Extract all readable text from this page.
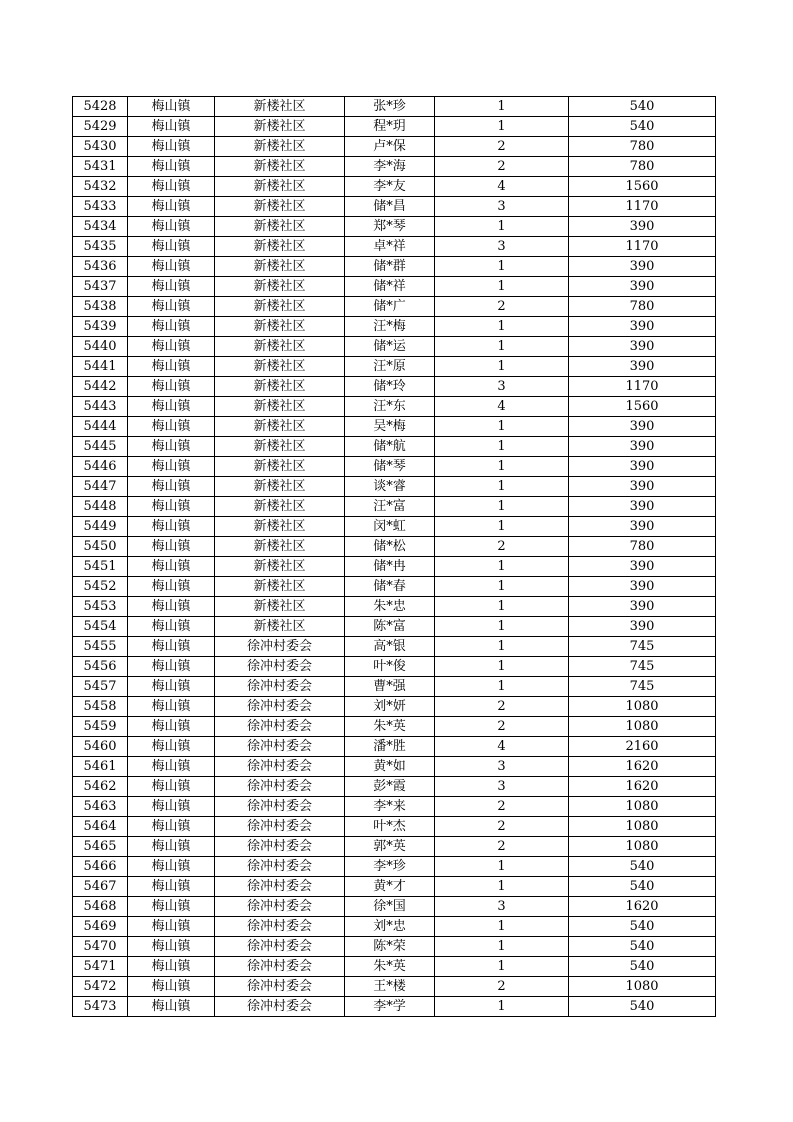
5428	梅山镇	新楼社区	张*珍	1	540
5429	梅山镇	新楼社区	程*玥	1	540
5430	梅山镇	新楼社区	卢*保	2	780
5431	梅山镇	新楼社区	李*海	2	780
5432	梅山镇	新楼社区	李*友	4	1560
5433	梅山镇	新楼社区	储*昌	3	1170
5434	梅山镇	新楼社区	郑*琴	1	390
5435	梅山镇	新楼社区	卓*祥	3	1170
5436	梅山镇	新楼社区	储*群	1	390
5437	梅山镇	新楼社区	储*祥	1	390
5438	梅山镇	新楼社区	储*广	2	780
5439	梅山镇	新楼社区	汪*梅	1	390
5440	梅山镇	新楼社区	储*运	1	390
5441	梅山镇	新楼社区	汪*原	1	390
5442	梅山镇	新楼社区	储*玲	3	1170
5443	梅山镇	新楼社区	汪*东	4	1560
5444	梅山镇	新楼社区	吴*梅	1	390
5445	梅山镇	新楼社区	储*航	1	390
5446	梅山镇	新楼社区	储*琴	1	390
5447	梅山镇	新楼社区	谈*睿	1	390
5448	梅山镇	新楼社区	汪*富	1	390
5449	梅山镇	新楼社区	闵*虹	1	390
5450	梅山镇	新楼社区	储*松	2	780
5451	梅山镇	新楼社区	储*冉	1	390
5452	梅山镇	新楼社区	储*春	1	390
5453	梅山镇	新楼社区	朱*忠	1	390
5454	梅山镇	新楼社区	陈*富	1	390
5455	梅山镇	徐冲村委会	高*银	1	745
5456	梅山镇	徐冲村委会	叶*俊	1	745
5457	梅山镇	徐冲村委会	曹*强	1	745
5458	梅山镇	徐冲村委会	刘*妍	2	1080
5459	梅山镇	徐冲村委会	朱*英	2	1080
5460	梅山镇	徐冲村委会	潘*胜	4	2160
5461	梅山镇	徐冲村委会	黄*如	3	1620
5462	梅山镇	徐冲村委会	彭*霞	3	1620
5463	梅山镇	徐冲村委会	李*来	2	1080
5464	梅山镇	徐冲村委会	叶*杰	2	1080
5465	梅山镇	徐冲村委会	郭*英	2	1080
5466	梅山镇	徐冲村委会	李*珍	1	540
5467	梅山镇	徐冲村委会	黄*才	1	540
5468	梅山镇	徐冲村委会	徐*国	3	1620
5469	梅山镇	徐冲村委会	刘*忠	1	540
5470	梅山镇	徐冲村委会	陈*荣	1	540
5471	梅山镇	徐冲村委会	朱*英	1	540
5472	梅山镇	徐冲村委会	王*楼	2	1080
5473	梅山镇	徐冲村委会	李*学	1	540
